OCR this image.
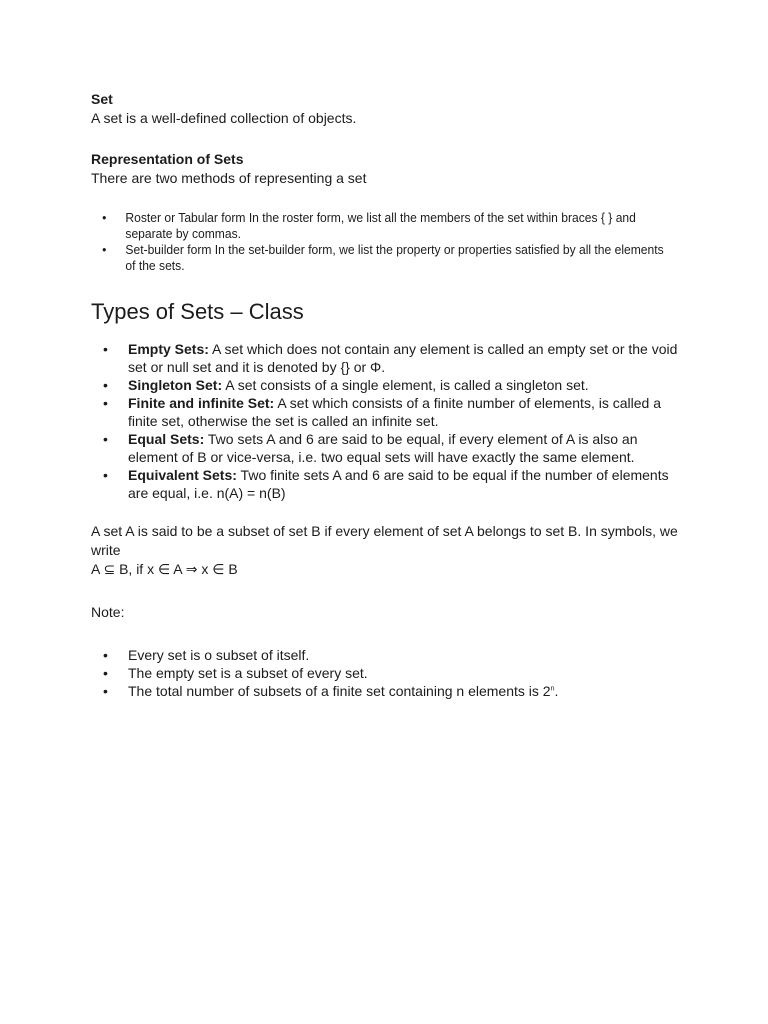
Set

A set is a well-defined collection of objects.

Representation of Sets

There are two methods of representing a set

• Roster or Tabular form In the roster form, we list all the members of the set within braces { } and separate by commas.
• Set-builder form In the set-builder form, we list the property or properties satisfied by all the elements of the sets.
Types of Sets – Class
• Empty Sets: A set which does not contain any element is called an empty set or the void set or null set and it is denoted by {} or Φ.
• Singleton Set: A set consists of a single element, is called a singleton set.
• Finite and infinite Set: A set which consists of a finite number of elements, is called a finite set, otherwise the set is called an infinite set.
• Equal Sets: Two sets A and 6 are said to be equal, if every element of A is also an element of B or vice-versa, i.e. two equal sets will have exactly the same element.
• Equivalent Sets: Two finite sets A and 6 are said to be equal if the number of elements are equal, i.e. n(A) = n(B)
A set A is said to be a subset of set B if every element of set A belongs to set B. In symbols, we write
A ⊆ B, if x ∈ A ⇒ x ∈ B

Note:

• Every set is o subset of itself.
• The empty set is a subset of every set.
• The total number of subsets of a finite set containing n elements is 2$^n$.
